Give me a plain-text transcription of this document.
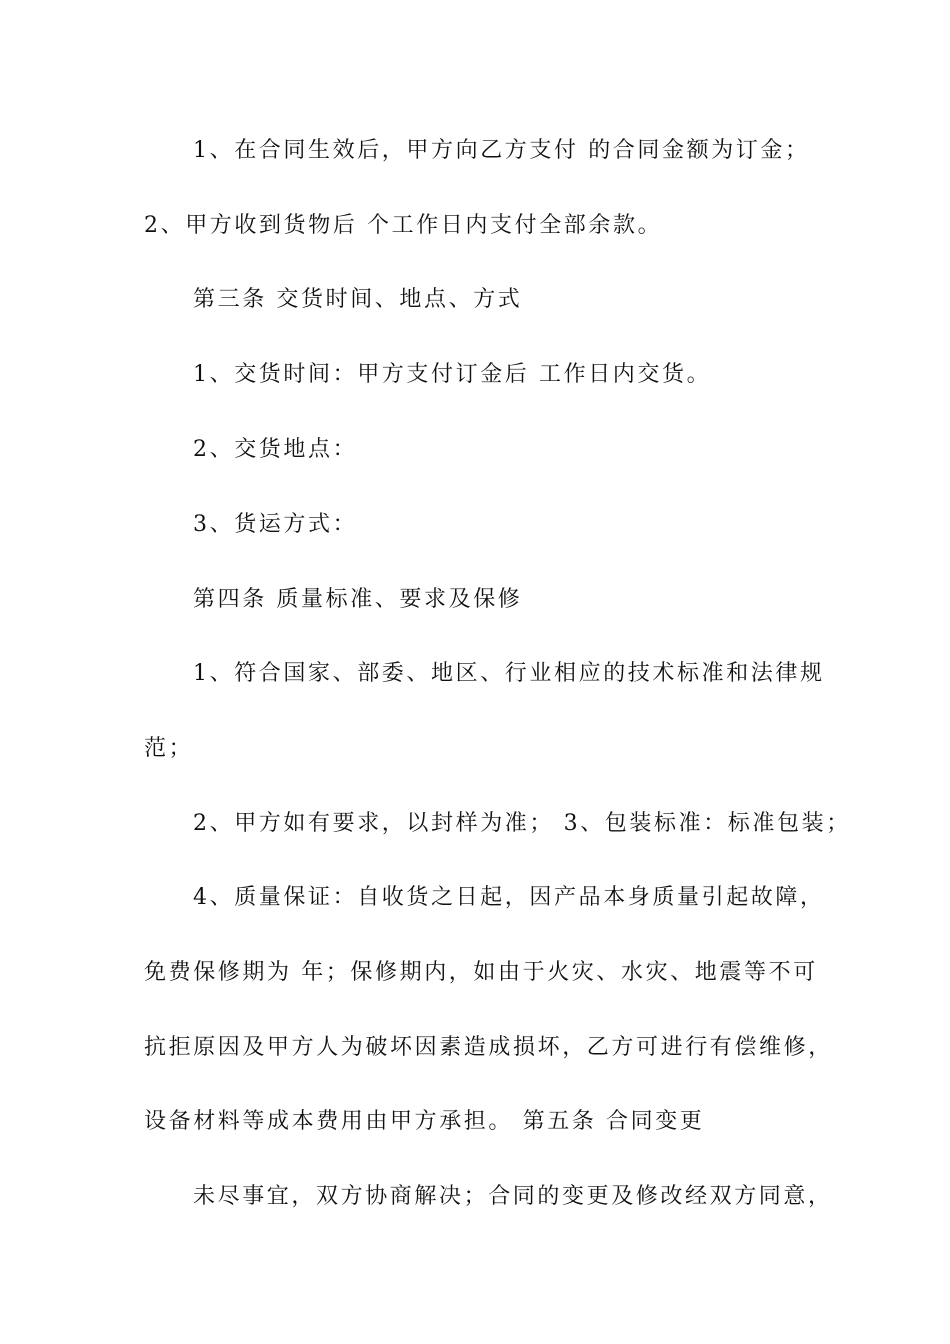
1、在合同生效后，甲方向乙方支付 的合同金额为订金；
2、甲方收到货物后 个工作日内支付全部余款。
第三条 交货时间、地点、方式
1、交货时间：甲方支付订金后 工作日内交货。
2、交货地点：
3、货运方式：
第四条 质量标准、要求及保修
1、符合国家、部委、地区、行业相应的技术标准和法律规
范；
2、甲方如有要求，以封样为准； 3、包装标准：标准包装；
4、质量保证：自收货之日起，因产品本身质量引起故障，
免费保修期为 年；保修期内，如由于火灾、水灾、地震等不可
抗拒原因及甲方人为破坏因素造成损坏，乙方可进行有偿维修，
设备材料等成本费用由甲方承担。 第五条 合同变更
未尽事宜，双方协商解决；合同的变更及修改经双方同意，
